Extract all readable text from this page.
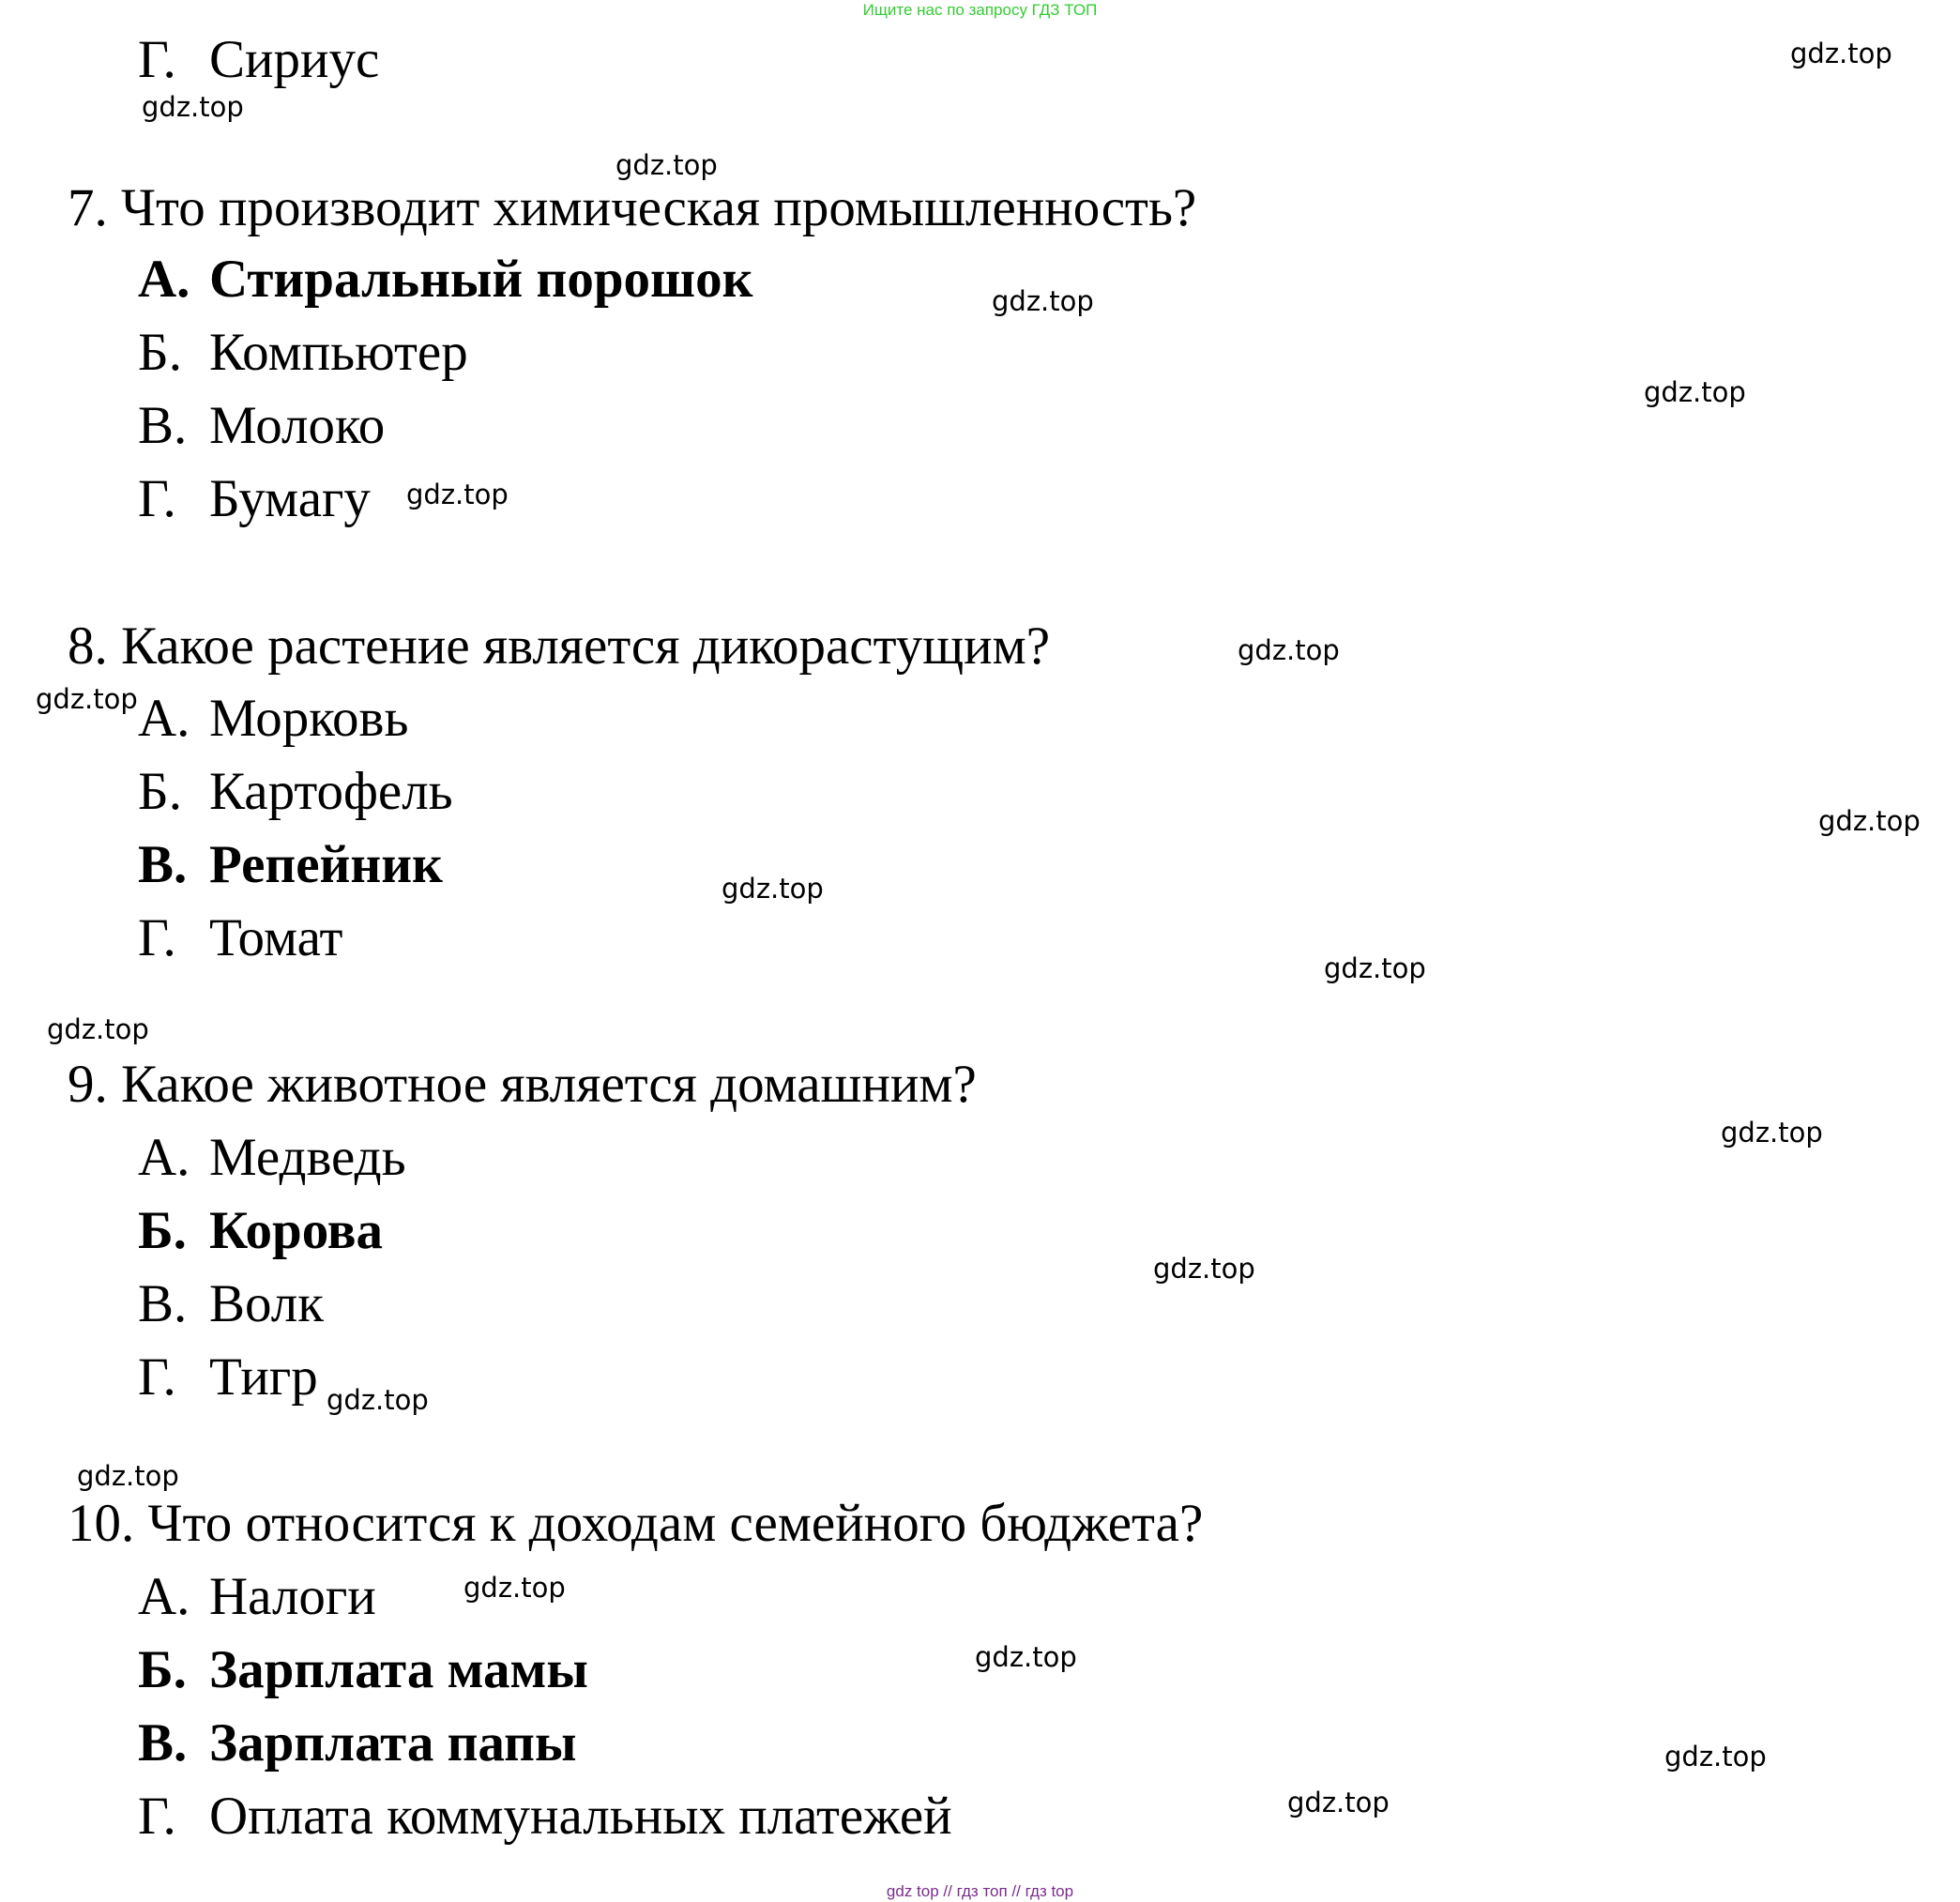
Ищите нас по запросу ГДЗ ТОП
Г. Сириус
7. Что производит химическая промышленность?
А. Стиральный порошок
Б. Компьютер
В. Молоко
Г. Бумагу
8. Какое растение является дикорастущим?
А. Морковь
Б. Картофель
В. Репейник
Г. Томат
9. Какое животное является домашним?
А. Медведь
Б. Корова
В. Волк
Г. Тигр
10. Что относится к доходам семейного бюджета?
А. Налоги
Б. Зарплата мамы
В. Зарплата папы
Г. Оплата коммунальных платежей
gdz.top
gdz.top
gdz.top
gdz.top
gdz.top
gdz.top
gdz.top
gdz.top
gdz.top
gdz.top
gdz.top
gdz.top
gdz.top
gdz.top
gdz.top
gdz.top
gdz.top
gdz.top
gdz.top
gdz.top
gdz top // гдз топ // гдз top
